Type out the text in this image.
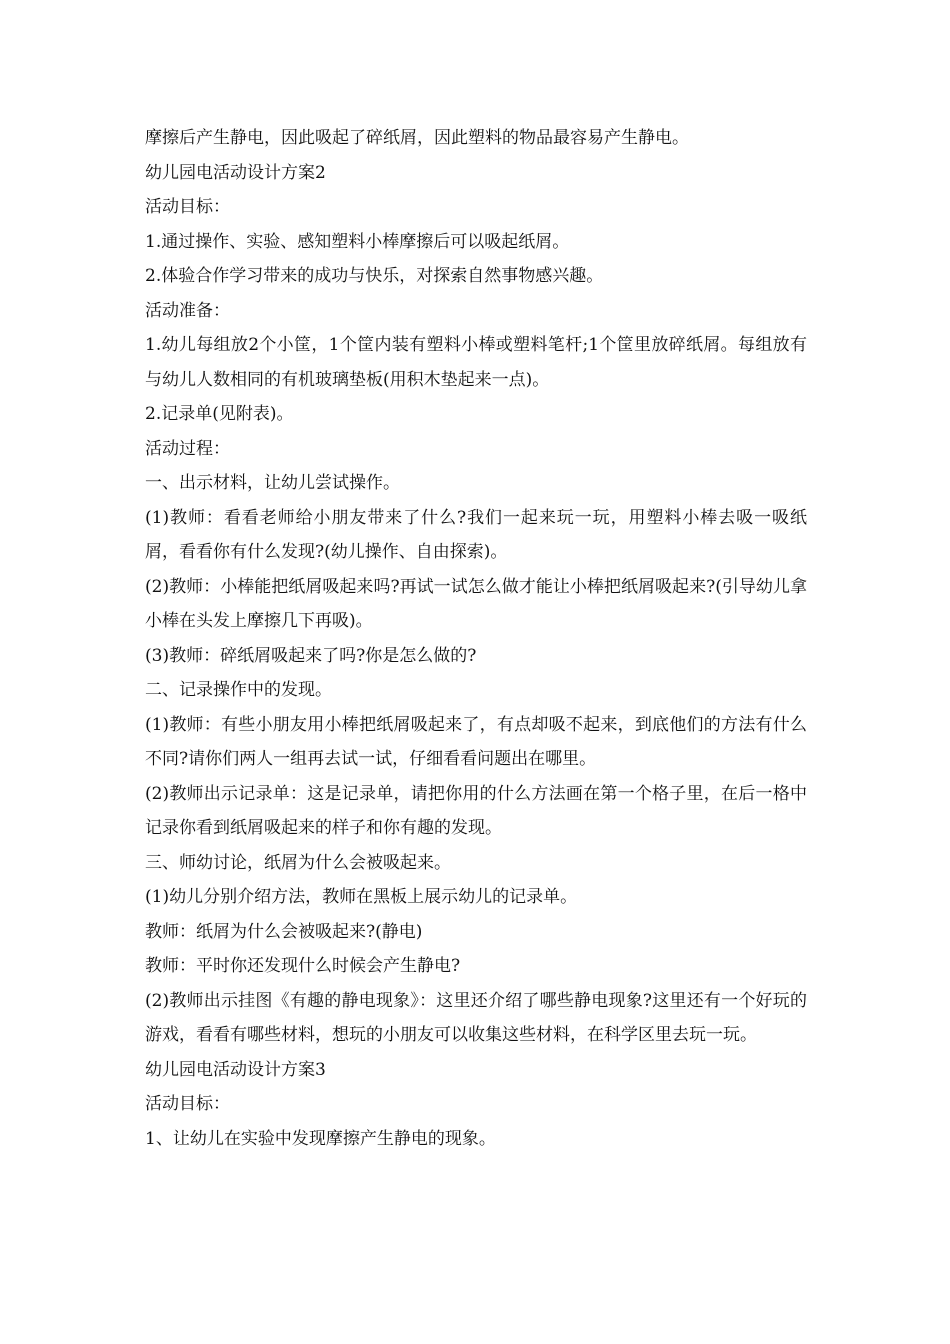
摩擦后产生静电，因此吸起了碎纸屑，因此塑料的物品最容易产生静电。

幼儿园电活动设计方案2

活动目标：

1.通过操作、实验、感知塑料小棒摩擦后可以吸起纸屑。

2.体验合作学习带来的成功与快乐，对探索自然事物感兴趣。

活动准备：

1.幼儿每组放2个小筐，1个筐内装有塑料小棒或塑料笔杆;1个筐里放碎纸屑。每组放有与幼儿人数相同的有机玻璃垫板(用积木垫起来一点)。

2.记录单(见附表)。

活动过程：

一、出示材料，让幼儿尝试操作。

(1)教师：看看老师给小朋友带来了什么?我们一起来玩一玩，用塑料小棒去吸一吸纸屑，看看你有什么发现?(幼儿操作、自由探索)。

(2)教师：小棒能把纸屑吸起来吗?再试一试怎么做才能让小棒把纸屑吸起来?(引导幼儿拿小棒在头发上摩擦几下再吸)。

(3)教师：碎纸屑吸起来了吗?你是怎么做的?

二、记录操作中的发现。

(1)教师：有些小朋友用小棒把纸屑吸起来了，有点却吸不起来，到底他们的方法有什么不同?请你们两人一组再去试一试，仔细看看问题出在哪里。

(2)教师出示记录单：这是记录单，请把你用的什么方法画在第一个格子里，在后一格中记录你看到纸屑吸起来的样子和你有趣的发现。

三、师幼讨论，纸屑为什么会被吸起来。

(1)幼儿分别介绍方法，教师在黑板上展示幼儿的记录单。

教师：纸屑为什么会被吸起来?(静电)

教师：平时你还发现什么时候会产生静电?

(2)教师出示挂图《有趣的静电现象》：这里还介绍了哪些静电现象?这里还有一个好玩的游戏，看看有哪些材料，想玩的小朋友可以收集这些材料，在科学区里去玩一玩。

幼儿园电活动设计方案3

活动目标：

1、让幼儿在实验中发现摩擦产生静电的现象。
